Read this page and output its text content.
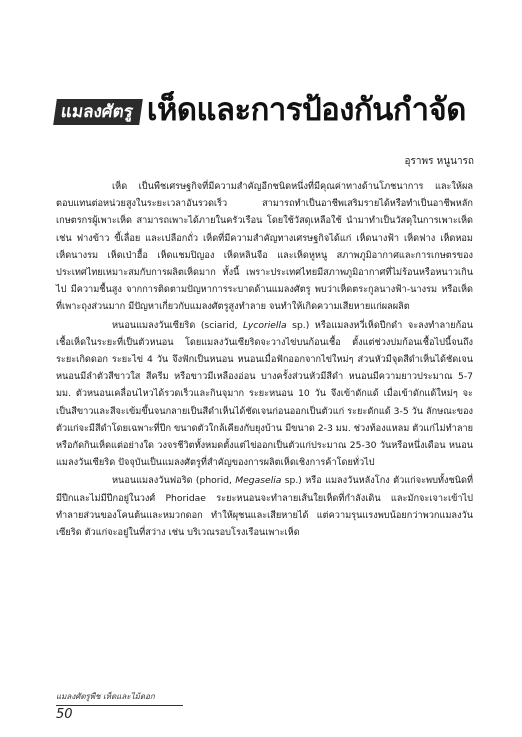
แมลงศัตรู เห็ดและการป้องกันกำจัด
อุราพร หนูนารถ

เห็ด เป็นพืชเศรษฐกิจที่มีความสำคัญอีกชนิดหนึ่งที่มีคุณค่าทางด้านโภชนาการ และให้ผลตอบแทนต่อหน่วยสูงในระยะเวลาอันรวดเร็ว สามารถทำเป็นอาชีพเสริมรายได้หรือทำเป็นอาชีพหลักเกษตรกรผู้เพาะเห็ด สามารถเพาะได้ภายในครัวเรือน โดยใช้วัสดุเหลือใช้ นำมาทำเป็นวัสดุในการเพาะเห็ด เช่น ฟางข้าว ขี้เลื่อย และเปลือกถั่ว เห็ดที่มีความสำคัญทางเศรษฐกิจได้แก่ เห็ดนางฟ้า เห็ดฟาง เห็ดหอม เห็ดนางรม เห็ดเป่าฮื้อ เห็ดแชมปิญอง เห็ดหลินจือ และเห็ดหูหนู สภาพภูมิอากาศและการเกษตรของประเทศไทยเหมาะสมกับการผลิตเห็ดมาก ทั้งนี้ เพราะประเทศไทยมีสภาพภูมิอากาศที่ไม่ร้อนหรือหนาวเกินไป มีความชื้นสูง จากการติดตามปัญหาการระบาดด้านแมลงศัตรู พบว่าเห็ดตระกูลนางฟ้า-นางรม หรือเห็ดที่เพาะถุงส่วนมาก มีปัญหาเกี่ยวกับแมลงศัตรูสูงทำลาย จนทำให้เกิดความเสียหายแก่ผลผลิต

หนอนแมลงวันเซียริด (sciarid, Lycoriella sp.) หรือแมลงหวี่เห็ดปีกดำ จะลงทำลายก้อนเชื้อเห็ดในระยะที่เป็นตัวหนอน โดยแมลงวันเซียริดจะวางไข่บนก้อนเชื้อ ตั้งแต่ช่วงบ่มก้อนเชื้อไปนี้จนถึงระยะเกิดดอก ระยะไข่ 4 วัน จึงฟักเป็นหนอน หนอนเมื่อฟักออกจากไข่ใหม่ๆ ส่วนหัวมีจุดสีดำเห็นได้ชัดเจน หนอนมีลำตัวสีขาวใส สีครีม หรือขาวมีเหลืองอ่อน บางครั้งส่วนหัวมีสีดำ หนอนมีความยาวประมาณ 5-7 มม. ตัวหนอนเคลื่อนไหวได้รวดเร็วและกินจุมาก ระยะหนอน 10 วัน จึงเข้าดักแด้ เมื่อเข้าดักแด้ใหม่ๆ จะเป็นสีขาวและสีจะเข้มขึ้นจนกลายเป็นสีดำเห็นได้ชัดเจนก่อนออกเป็นตัวแก่ ระยะดักแด้ 3-5 วัน ลักษณะของตัวแก่จะมีสีดำโดยเฉพาะที่ปีก ขนาดตัวใกล้เคียงกับยุงบ้าน มีขนาด 2-3 มม. ช่วงท้องแหลม ตัวแก่ไม่ทำลายหรือกัดกินเห็ดแต่อย่างใด วงจรชีวิตทั้งหมดตั้งแต่ไข่ออกเป็นตัวแก่ประมาณ 25-30 วันหรือหนึ่งเดือน หนอนแมลงวันเซียริด ปัจจุบันเป็นแมลงศัตรูที่สำคัญของการผลิตเห็ดเชิงการค้าโดยทั่วไป

หนอนแมลงวันฟอริด (phorid, Megaselia sp.) หรือ แมลงวันหลังโกง ตัวแก่จะพบทั้งชนิดที่มีปีกและไม่มีปีกอยู่ในวงศ์ Phoridae ระยะหนอนจะทำลายเส้นใยเห็ดที่กำลังเดิน และมักจะเจาะเข้าไปทำลายส่วนของโคนต้นและหมวกดอก ทำให้ผุชนและเสียหายได้ แต่ความรุนแรงพบน้อยกว่าพวกแมลงวันเซียริด ตัวแก่จะอยู่ในที่สว่าง เช่น บริเวณรอบโรงเรือนเพาะเห็ด

แมลงศัตรูพืช เห็ดและไม้ดอก
50
